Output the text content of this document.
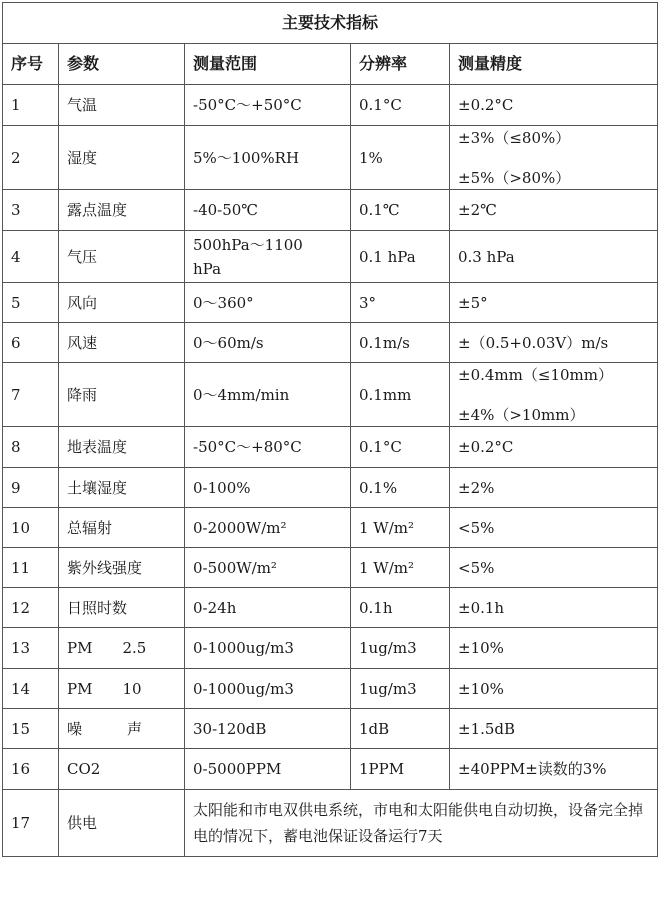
主要技术指标				
序号	参数	测量范围	分辨率	测量精度
1	气温	-50°C～+50°C	0.1°C	±0.2°C

2	湿度	5%～100%RH	1%	±3%（≤80%）
±5%（>80%）

3	露点温度	-40-50℃	0.1℃	±2℃

4	气压	500hPa～1100
hPa	0.1 hPa	0.3 hPa

5	风向	0～360°	3°	±5°

6	风速	0～60m/s	0.1m/s	±（0.5+0.03V）m/s

7	降雨	0～4mm/min	0.1mm	±0.4mm（≤10mm）
±4%（>10mm）

8	地表温度	-50°C～+80°C	0.1°C	±0.2°C

9	土壤湿度	0-100%	0.1%	±2%

10	总辐射	0-2000W/m²	1 W/m²	<5%

11	紫外线强度	0-500W/m²	1 W/m²	<5%

12	日照时数	0-24h	0.1h	±0.1h

13	PM　　2.5	0-1000ug/m3	1ug/m3	±10%

14	PM　　10	0-1000ug/m3	1ug/m3	±10%

15	噪　　　声	30-120dB	1dB	±1.5dB

16	CO2	0-5000PPM	1PPM	±40PPM±读数的3%

17	供电	太阳能和市电双供电系统，市电和太阳能供电自动切换，设备完全掉电的情况下，蓄电池保证设备运行7天		
